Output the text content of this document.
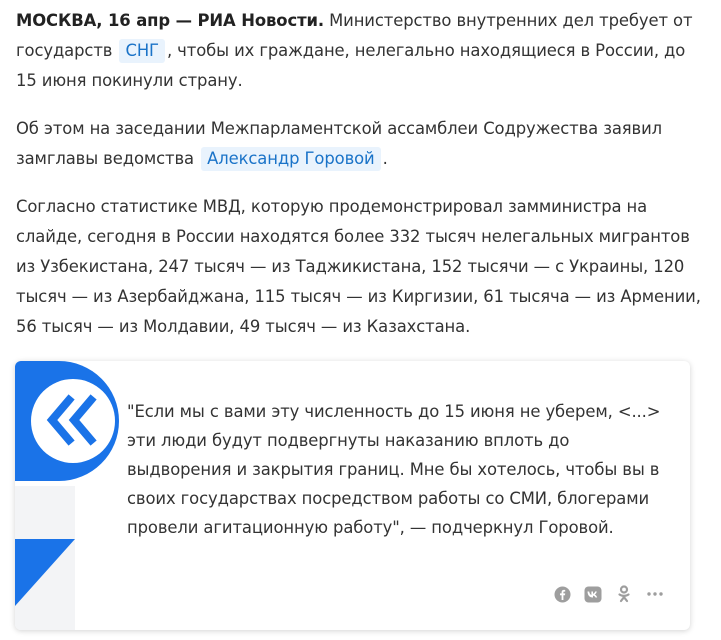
МОСКВА, 16 апр — РИА Новости. Министерство внутренних дел требует от государств СНГ , чтобы их граждане, нелегально находящиеся в России, до 15 июня покинули страну.

Об этом на заседании Межпарламентской ассамблеи Содружества заявил замглавы ведомства Александр Горовой .

Согласно статистике МВД, которую продемонстрировал замминистра на слайде, сегодня в России находятся более 332 тысяч нелегальных мигрантов из Узбекистана, 247 тысяч — из Таджикистана, 152 тысячи — с Украины, 120 тысяч — из Азербайджана, 115 тысяч — из Киргизии, 61 тысяча — из Армении, 56 тысяч — из Молдавии, 49 тысяч — из Казахстана.

"Если мы с вами эту численность до 15 июня не уберем, <...> эти люди будут подвергнуты наказанию вплоть до выдворения и закрытия границ. Мне бы хотелось, чтобы вы в своих государствах посредством работы со СМИ, блогерами провели агитационную работу", — подчеркнул Горовой.
